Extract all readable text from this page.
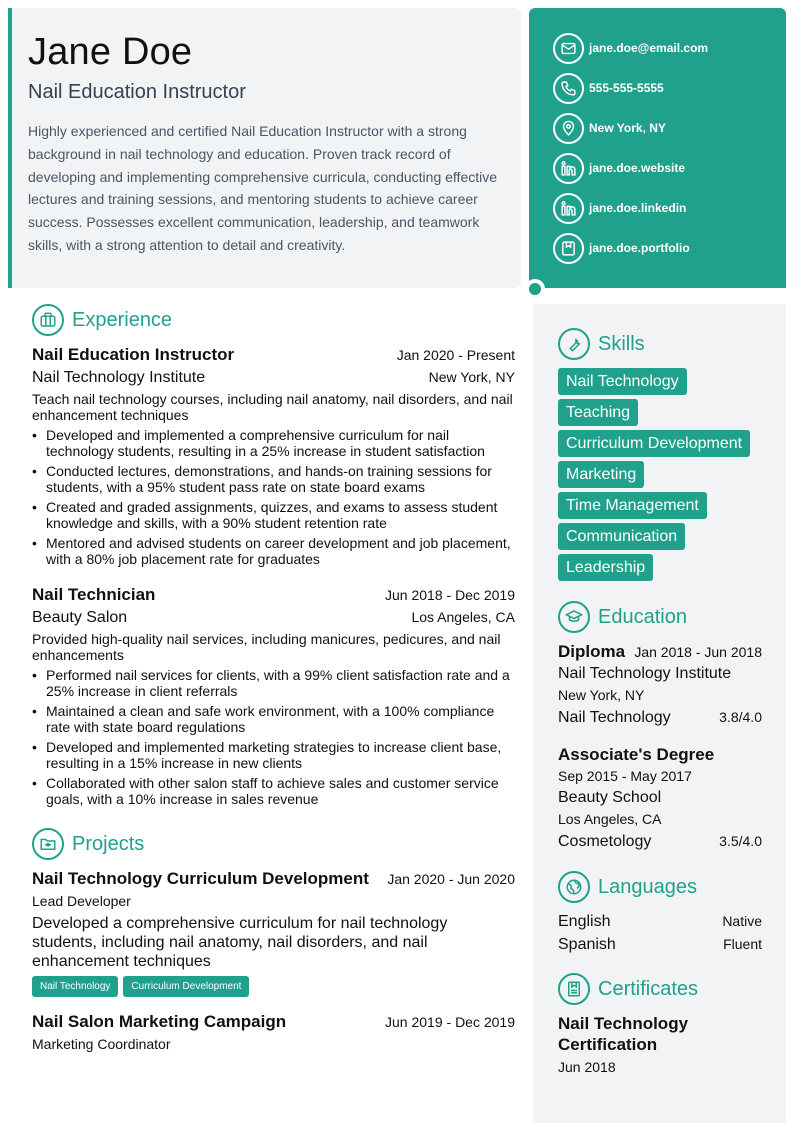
Jane Doe
Nail Education Instructor
Highly experienced and certified Nail Education Instructor with a strong background in nail technology and education. Proven track record of developing and implementing comprehensive curricula, conducting effective lectures and training sessions, and mentoring students to achieve career success. Possesses excellent communication, leadership, and teamwork skills, with a strong attention to detail and creativity.
jane.doe@email.com
555-555-5555
New York, NY
jane.doe.website
jane.doe.linkedin
jane.doe.portfolio
Experience
Nail Education Instructor	Jan 2020 - Present
Nail Technology Institute	New York, NY
Teach nail technology courses, including nail anatomy, nail disorders, and nail enhancement techniques
• Developed and implemented a comprehensive curriculum for nail technology students, resulting in a 25% increase in student satisfaction
• Conducted lectures, demonstrations, and hands-on training sessions for students, with a 95% student pass rate on state board exams
• Created and graded assignments, quizzes, and exams to assess student knowledge and skills, with a 90% student retention rate
• Mentored and advised students on career development and job placement, with a 80% job placement rate for graduates
Nail Technician	Jun 2018 - Dec 2019
Beauty Salon	Los Angeles, CA
Provided high-quality nail services, including manicures, pedicures, and nail enhancements
• Performed nail services for clients, with a 99% client satisfaction rate and a 25% increase in client referrals
• Maintained a clean and safe work environment, with a 100% compliance rate with state board regulations
• Developed and implemented marketing strategies to increase client base, resulting in a 15% increase in new clients
• Collaborated with other salon staff to achieve sales and customer service goals, with a 10% increase in sales revenue
Projects
Nail Technology Curriculum Development Jan 2020 - Jun 2020
Lead Developer
Developed a comprehensive curriculum for nail technology students, including nail anatomy, nail disorders, and nail enhancement techniques
Nail Technology Curriculum Development
Nail Salon Marketing Campaign	Jun 2019 - Dec 2019
Marketing Coordinator
Skills
Nail Technology
Teaching
Curriculum Development
Marketing
Time Management
Communication
Leadership
Education
Diploma Jan 2018 - Jun 2018
Nail Technology Institute
New York, NY
Nail Technology	3.8/4.0
Associate's Degree
Sep 2015 - May 2017
Beauty School
Los Angeles, CA
Cosmetology	3.5/4.0
Languages
English	Native
Spanish	Fluent
Certificates
Nail Technology Certification
Jun 2018
